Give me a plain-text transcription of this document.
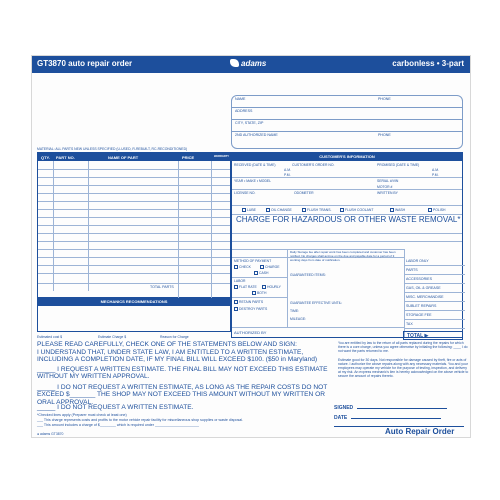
GT3870 auto repair order	adams	carbonless • 3-part
NAME	PHONE
ADDRESS
CITY, STATE, ZIP
2ND AUTHORIZED NAME	PHONE
MATERIAL: ALL PARTS NEW UNLESS SPECIFIED (U-USED, R-REBUILT, RC-RECONDITIONED)
QTY. PART NO.	NAME OF PART	PRICE	WARRANTY
TOTAL PARTS
MECHANICS RECOMMENDATIONS
CUSTOMER'S INFORMATION
RECEIVED (DATE & TIME)	CUSTOMER'S ORDER NO.	PROMISED (DATE & TIME)
A.M.
P.M.
A.M.
P.M.
YEAR • MAKE • MODEL	SERIAL #/VIN
MOTOR #
LICENSE NO.	ODOMETER	WRITTEN BY
LUBE	OIL CHANGE	FLUSH TRANS.	FLUSH COOLANT	WASH	POLISH
CHARGE FOR HAZARDOUS OR OTHER WASTE REMOVAL*
METHOD OF PAYMENT
CHECK	CHARGE
CASH
LABOR
FLAT RATE	HOURLY
BOTH
RETAIN PARTS
DESTROY PARTS
AUTHORIZED BY
Daily Storage fee after repair work has been completed and customer has been notified. No charges shall accrue on the due and payable date for a period of 3 working days from date of notification.
GUARANTEED ITEMS:
GUARANTEE EFFECTIVE UNTIL:
TIME:
MILEAGE:
LABOR ONLY
PARTS
ACCESSORIES
GAS, OIL & GREASE
MISC. MERCHANDISE
SUBLET REPAIRS
STORAGE FEE
TAX
TOTAL ▶
Estimated cost $	Estimate Charge $	Reason for Charge
PLEASE READ CAREFULLY, CHECK ONE OF THE STATEMENTS BELOW AND SIGN:
I UNDERSTAND THAT, UNDER STATE LAW, I AM ENTITLED TO A WRITTEN ESTIMATE, INCLUDING A COMPLETION DATE, IF MY FINAL BILL WILL EXCEED $100. ($50 in Maryland)
_____ I REQUEST A WRITTEN ESTIMATE. THE FINAL BILL MAY NOT EXCEED THIS ESTIMATE WITHOUT MY WRITTEN APPROVAL.
_____ I DO NOT REQUEST A WRITTEN ESTIMATE, AS LONG AS THE REPAIR COSTS DO NOT EXCEED $_______ THE SHOP MAY NOT EXCEED THIS AMOUNT WITHOUT MY WRITTEN OR ORAL APPROVAL.
_____ I DO NOT REQUEST A WRITTEN ESTIMATE.
*Checked lines apply (Preparer must check at least one)
___ This charge represents costs and profits to the motor vehicle repair facility for miscellaneous shop supplies or waste disposal.
___ This amount includes a charge of $________ which is required under ______________________
You are entitled by law to the return of all parts replaced during the repairs for which there is a core charge, unless you agree otherwise by initialing the following: ____ I do not want the parts returned to me.
Estimate good for 30 days. Not responsible for damage caused by theft, fire or acts of nature. I authorize the above repairs along with any necessary materials. You and your employees may operate my vehicle for the purpose of testing, inspection, and delivery at my risk. An express mechanic's lien is hereby acknowledged on the above vehicle to secure the amount of repairs thereto.
SIGNED
DATE
● adams GT3870	Auto Repair Order
